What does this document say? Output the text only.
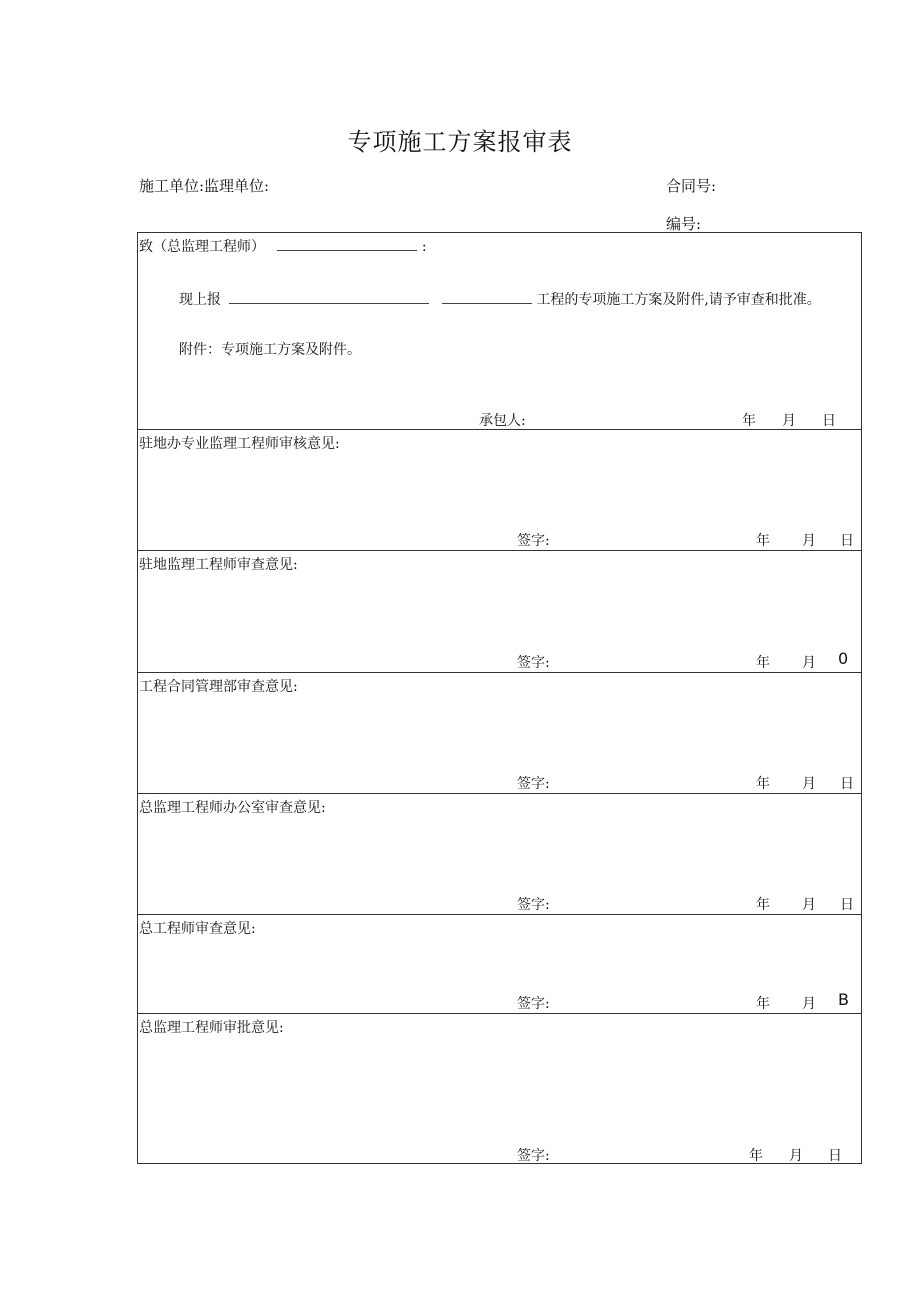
专项施工方案报审表
施工单位:监理单位:	合同号:
编号:
致（总监理工程师）	:
现上报	工程的专项施工方案及附件,请予审查和批准。
附件：专项施工方案及附件。
承包人:	年 月 日
驻地办专业监理工程师审核意见:
签字:	年 月 日
驻地监理工程师审查意见:
签字:	年 月 0
工程合同管理部审查意见:
签字:	年 月 日
总监理工程师办公室审查意见:
签字:	年 月 日
总工程师审查意见:
签字:	年 月 B
总监理工程师审批意见:
签字:	年 月 日
